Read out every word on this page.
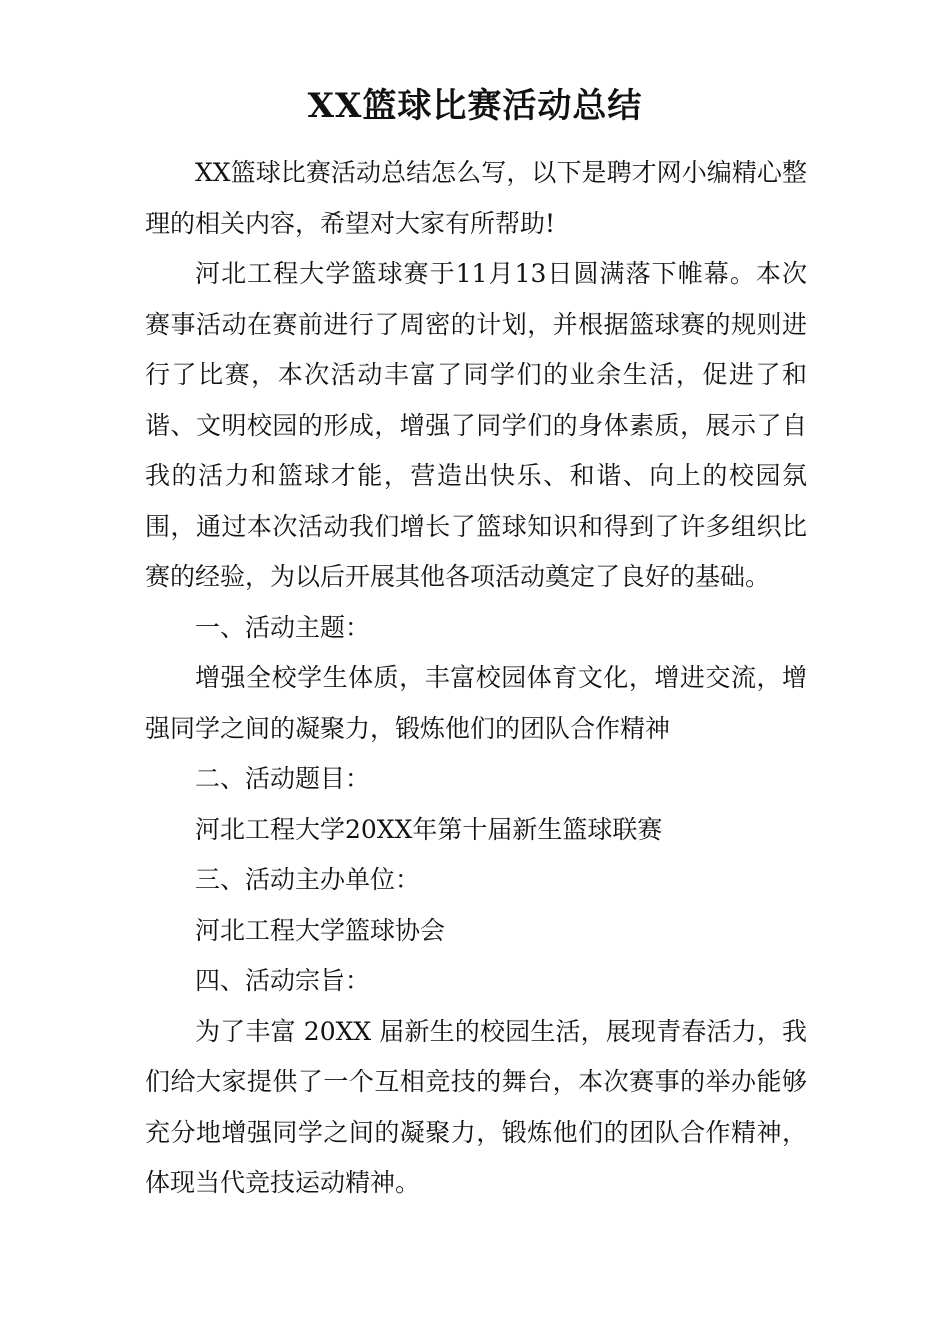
XX篮球比赛活动总结

XX篮球比赛活动总结怎么写，以下是聘才网小编精心整理的相关内容，希望对大家有所帮助!

河北工程大学篮球赛于11月13日圆满落下帷幕。本次赛事活动在赛前进行了周密的计划，并根据篮球赛的规则进行了比赛，本次活动丰富了同学们的业余生活，促进了和谐、文明校园的形成，增强了同学们的身体素质，展示了自我的活力和篮球才能，营造出快乐、和谐、向上的校园氛围，通过本次活动我们增长了篮球知识和得到了许多组织比赛的经验，为以后开展其他各项活动奠定了良好的基础。

一、活动主题：

增强全校学生体质，丰富校园体育文化，增进交流，增强同学之间的凝聚力，锻炼他们的团队合作精神

二、活动题目：

河北工程大学20XX年第十届新生篮球联赛

三、活动主办单位：

河北工程大学篮球协会

四、活动宗旨：

为了丰富 20XX 届新生的校园生活，展现青春活力，我们给大家提供了一个互相竞技的舞台，本次赛事的举办能够充分地增强同学之间的凝聚力，锻炼他们的团队合作精神，体现当代竞技运动精神。
